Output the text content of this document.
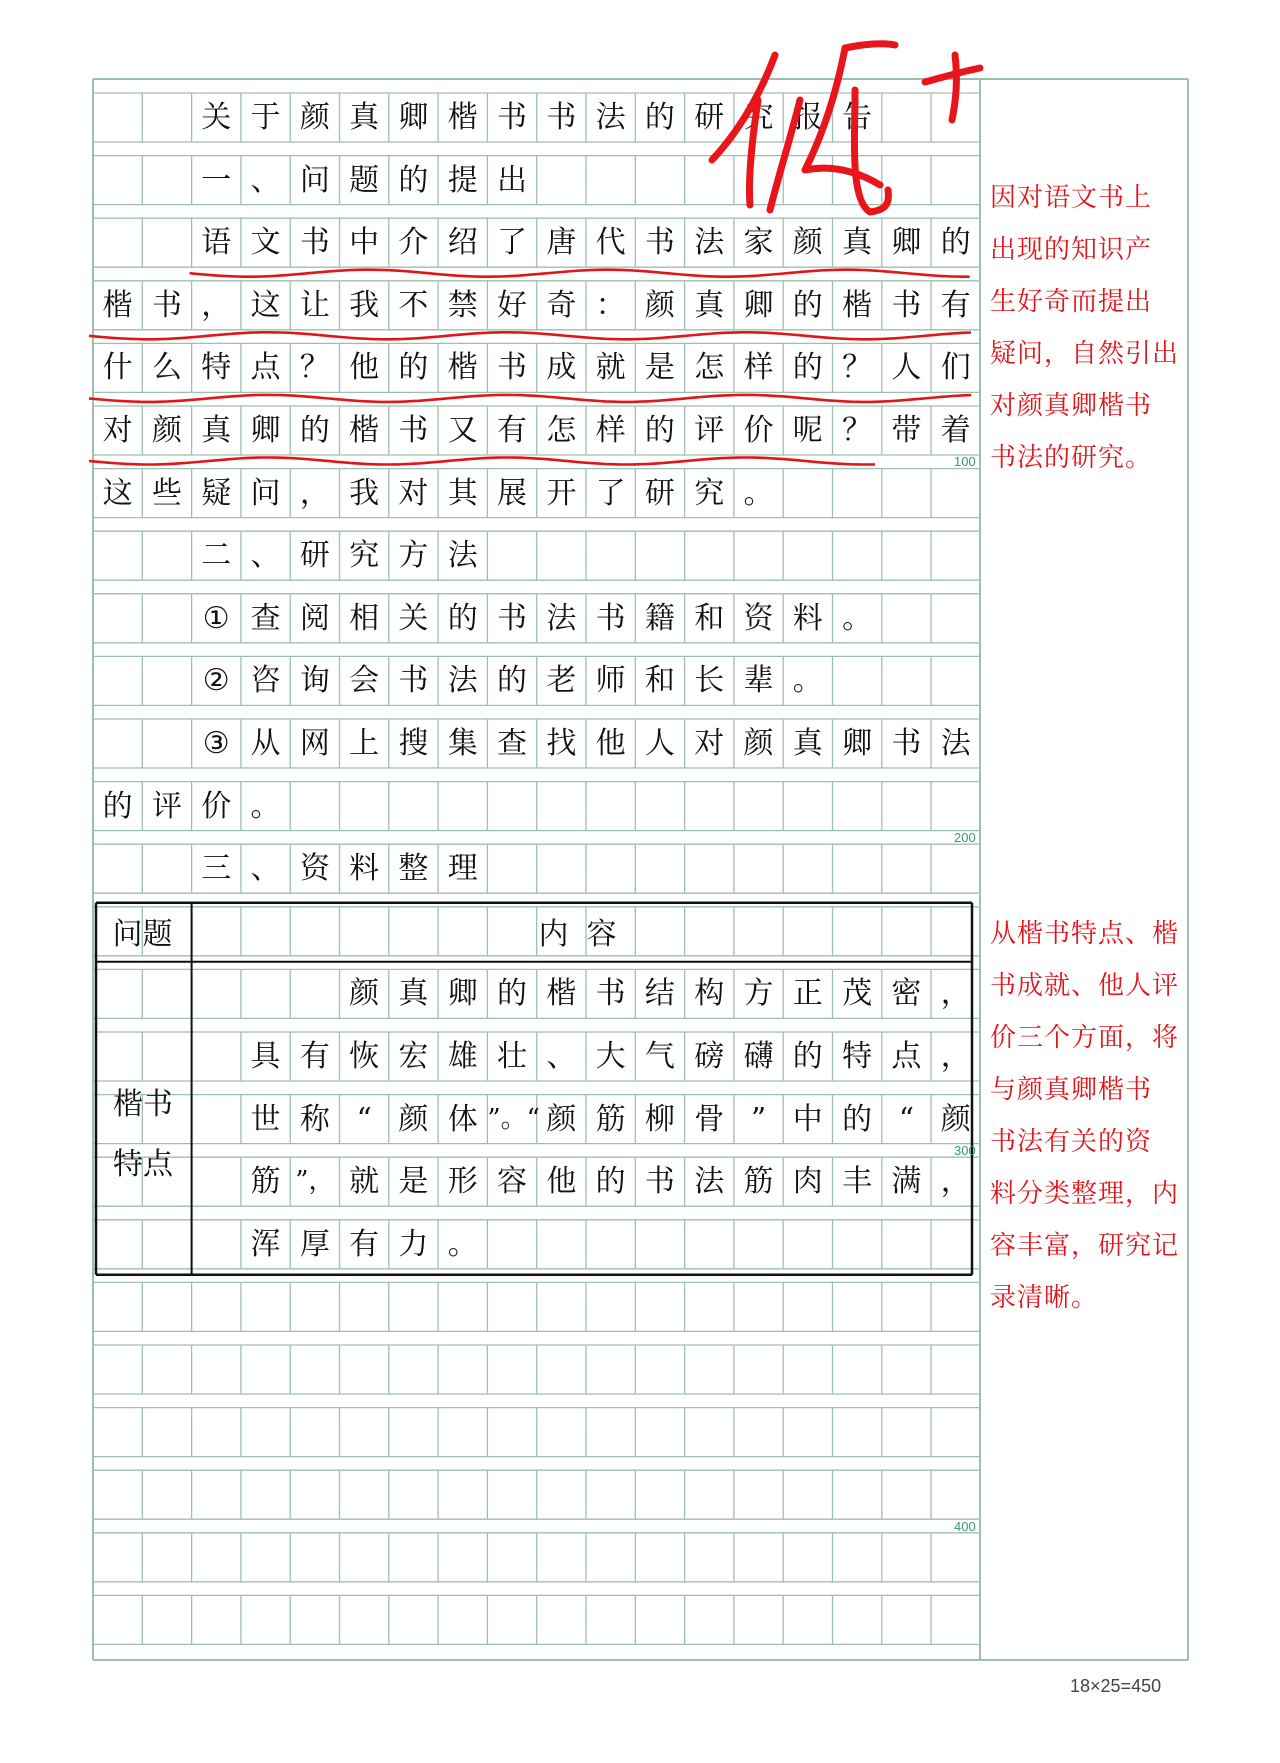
关 于 颜 真 卿 楷 书 书 法 的 研 究 报 告
一 、 问 题 的 提 出
语 文 书 中 介 绍 了 唐 代 书 法 家 颜 真 卿 的
楷 书 ， 这 让 我 不 禁 好 奇 ： 颜 真 卿 的 楷 书 有
什 么 特 点 ？ 他 的 楷 书 成 就 是 怎 样 的 ？ 人 们
对 颜 真 卿 的 楷 书 又 有 怎 样 的 评 价 呢 ？ 带 着
这 些 疑 问 ， 我 对 其 展 开 了 研 究 。
二 、 研 究 方 法
① 查 阅 相 关 的 书 法 书 籍 和 资 料 。
② 咨 询 会 书 法 的 老 师 和 长 辈 。
③ 从 网 上 搜 集 查 找 他 人 对 颜 真 卿 书 法
的 评 价 。
三 、 资 料 整 理
颜 真 卿 的 楷 书 结 构 方 正 茂 密 ，
具 有 恢 宏 雄 壮 、 大 气 磅 礴 的 特 点 ，
世 称 “ 颜 体 ”。“ 颜 筋 柳 骨 ” 中 的 “ 颜
筋 ”， 就 是 形 容 他 的 书 法 筋 肉 丰 满 ，
浑 厚 有 力 。
问题	内容
楷书特点
100
200
300
400
18×25=450
因对语文书上
出现的知识产
生好奇而提出
疑问，自然引出
对颜真卿楷书
书法的研究。
从楷书特点、楷
书成就、他人评
价三个方面，将
与颜真卿楷书
书法有关的资
料分类整理，内
容丰富，研究记
录清晰。
